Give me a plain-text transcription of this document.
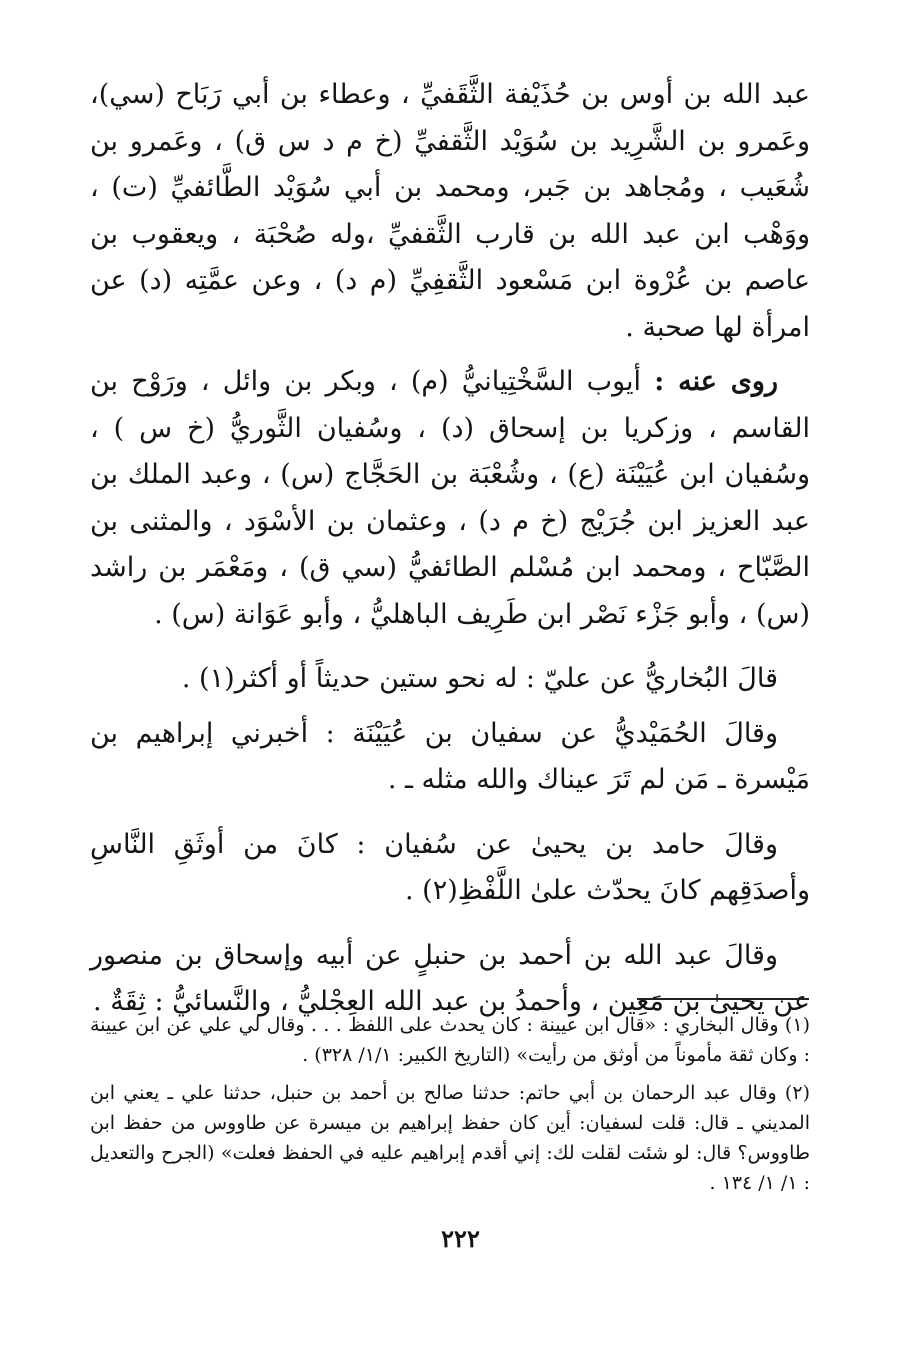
عبد الله بن أوس بن حُذَيْفة الثَّقَفيِّ ، وعطاء بن أبي رَبَاح (سي)، وعَمرو بن الشَّرِيد بن سُوَيْد الثَّقفيِّ (خ م د س ق) ، وعَمرو بن شُعَيب ، ومُجاهد بن جَبر، ومحمد بن أبي سُوَيْد الطَّائفيِّ (ت) ، ووَهْب ابن عبد الله بن قارب الثَّقفيِّ ،وله صُحْبَة ، ويعقوب بن عاصم بن عُرْوة ابن مَسْعود الثَّقفِيِّ (م د) ، وعن عمَّتِه (د) عن امرأة لها صحبة .

روى عنه : أيوب السَّخْتِيانيُّ (م) ، وبكر بن وائل ، ورَوْح بن القاسم ، وزكريا بن إسحاق (د) ، وسُفيان الثَّوريُّ (خ س ) ، وسُفيان ابن عُيَيْنَة (ع) ، وشُعْبَة بن الحَجَّاج (س) ، وعبد الملك بن عبد العزيز ابن جُرَيْج (خ م د) ، وعثمان بن الأسْوَد ، والمثنى بن الصَّبّاح ، ومحمد ابن مُسْلم الطائفيُّ (سي ق) ، ومَعْمَر بن راشد (س) ، وأبو جَزْء نَصْر ابن طَرِيف الباهليُّ ، وأبو عَوَانة (س) .

قالَ البُخاريُّ عن عليّ : له نحو ستين حديثاً أو أكثر(١) .

وقالَ الحُمَيْديُّ عن سفيان بن عُيَيْنَة : أخبرني إبراهيم بن مَيْسرة ـ مَن لم تَرَ عيناك والله مثله ـ .

وقالَ حامد بن يحيىٰ عن سُفيان : كانَ من أوثَقِ النَّاسِ وأصدَقِهم كانَ يحدّث علىٰ اللَّفْظِ(٢) .

وقالَ عبد الله بن أحمد بن حنبلٍ عن أبيه وإسحاق بن منصور عن يحيىٰ بن مَعِين ، وأحمدُ بن عبد الله العِجْليُّ ، والنَّسائيُّ : ثِقَةٌ .

(١) وقال البخاري : «قال ابن عيينة : كان يحدث على اللفظ . . . وقال لي علي عن ابن عيينة : وكان ثقة مأموناً من أوثق من رأيت» (التاريخ الكبير: ١/١/ ٣٢٨) .

(٢) وقال عبد الرحمان بن أبي حاتم: حدثنا صالح بن أحمد بن حنبل، حدثنا علي ـ يعني ابن المديني ـ قال: قلت لسفيان: أين كان حفظ إبراهيم بن ميسرة عن طاووس من حفظ ابن طاووس؟ قال: لو شئت لقلت لك: إني أقدم إبراهيم عليه في الحفظ فعلت» (الجرح والتعديل : ١/ ١/ ١٣٤ .

٢٢٢
